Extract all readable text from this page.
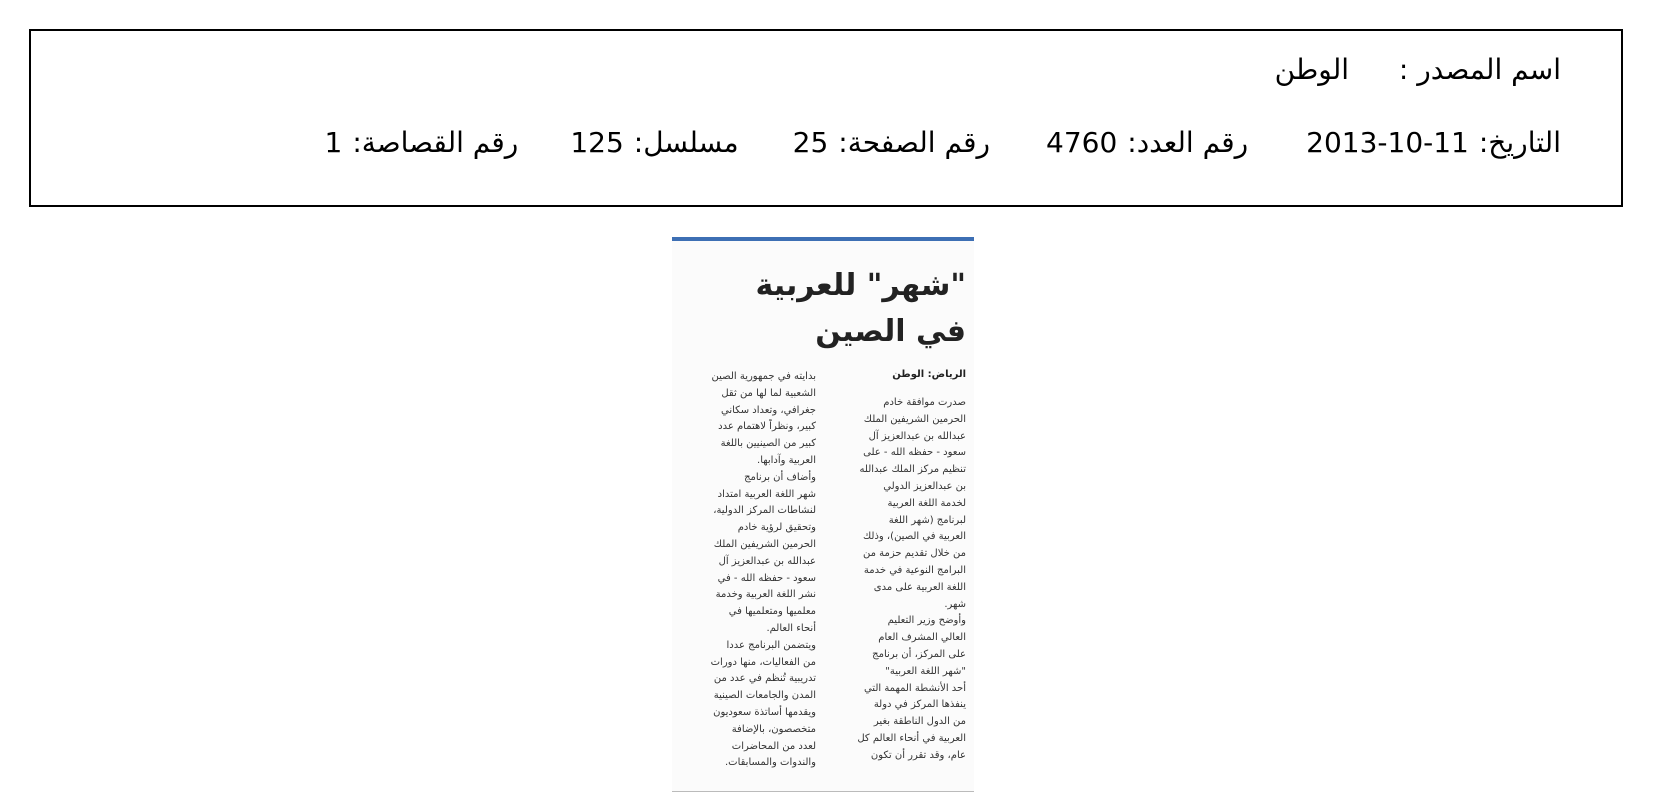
اسم المصدر :
الوطن
التاريخ:
2013-10-11
رقم العدد:
4760
رقم الصفحة:
25
مسلسل:
125
رقم القصاصة:
1
"شهر" للعربية
في الصين
الرياض: الوطن
صدرت موافقة خادم
الحرمين الشريفين الملك
عبدالله بن عبدالعزيز آل
سعود - حفظه الله - على
تنظيم مركز الملك عبدالله
بن عبدالعزيز الدولي
لخدمة اللغة العربية
لبرنامج (شهر اللغة
العربية في الصين)، وذلك
من خلال تقديم حزمة من
البرامج النوعية في خدمة
اللغة العربية على مدى
شهر.
وأوضح وزير التعليم
العالي المشرف العام
على المركز، أن برنامج
"شهر اللغة العربية"
أحد الأنشطة المهمة التي
ينفذها المركز في دولة
من الدول الناطقة بغير
العربية في أنحاء العالم كل
عام، وقد تقرر أن تكون
بدايته في جمهورية الصين
الشعبية لما لها من ثقل
جغرافي، وتعداد سكاني
كبير، ونظراً لاهتمام عدد
كبير من الصينيين باللغة
العربية وآدابها.
وأضاف أن برنامج
شهر اللغة العربية امتداد
لنشاطات المركز الدولية،
وتحقيق لرؤية خادم
الحرمين الشريفين الملك
عبدالله بن عبدالعزيز آل
سعود - حفظه الله - في
نشر اللغة العربية وخدمة
معلميها ومتعلميها في
أنحاء العالم.
ويتضمن البرنامج عددا
من الفعاليات، منها دورات
تدريبية تُنظم في عدد من
المدن والجامعات الصينية
ويقدمها أساتذة سعوديون
متخصصون، بالإضافة
لعدد من المحاضرات
والندوات والمسابقات.
